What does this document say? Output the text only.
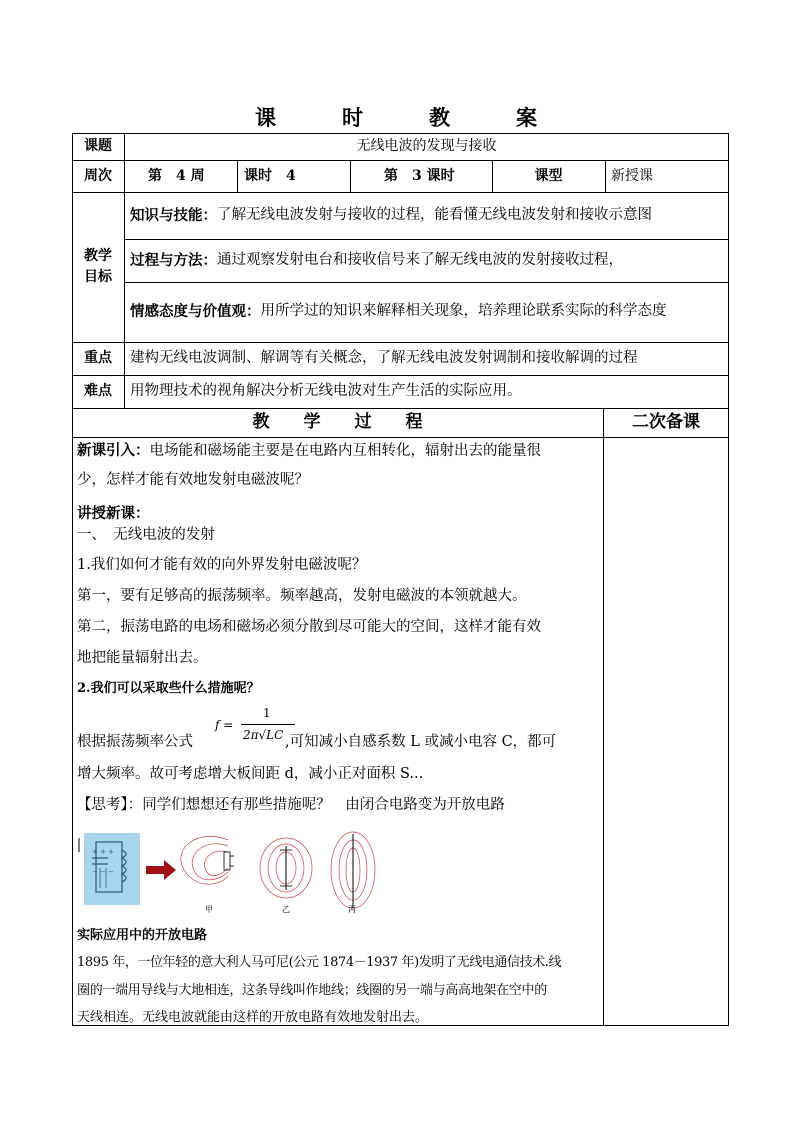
课	时	教	案
课题	无线电波的发现与接收
周次	第　4 周	课时　4	第　3 课时	课型	新授课
教学目标
知识与技能： 了解无线电波发射与接收的过程，能看懂无线电波发射和接收示意图
过程与方法： 通过观察发射电台和接收信号来了解无线电波的发射接收过程，
情感态度与价值观： 用所学过的知识来解释相关现象，培养理论联系实际的科学态度
重点	建构无线电波调制、解调等有关概念，了解无线电波发射调制和接收解调的过程
难点	用物理技术的视角解决分析无线电波对生产生活的实际应用。
教　　学　　过　　程	二次备课
新课引入：电场能和磁场能主要是在电路内互相转化，辐射出去的能量很
少，怎样才能有效地发射电磁波呢？
讲授新课：
一、　无线电波的发射
1.我们如何才能有效的向外界发射电磁波呢？
第一，要有足够高的振荡频率。频率越高，发射电磁波的本领就越大。
第二，振荡电路的电场和磁场必须分散到尽可能大的空间，这样才能有效
地把能量辐射出去。
2.我们可以采取些什么措施呢？
f =
1
2π√LC
根据振荡频率公式	,可知减小自感系数 L 或减小电容 C，都可
增大频率。故可考虑增大板间距 d，减小正对面积 S...
【思考】：同学们想想还有那些措施呢？　由闭合电路变为开放电路
+ + +
− − −
甲	乙	丙
实际应用中的开放电路
1895 年，一位年轻的意大利人马可尼(公元 1874－1937 年)发明了无线电通信技术.线
圈的一端用导线与大地相连，这条导线叫作地线；线圈的另一端与高高地架在空中的
天线相连。无线电波就能由这样的开放电路有效地发射出去。
